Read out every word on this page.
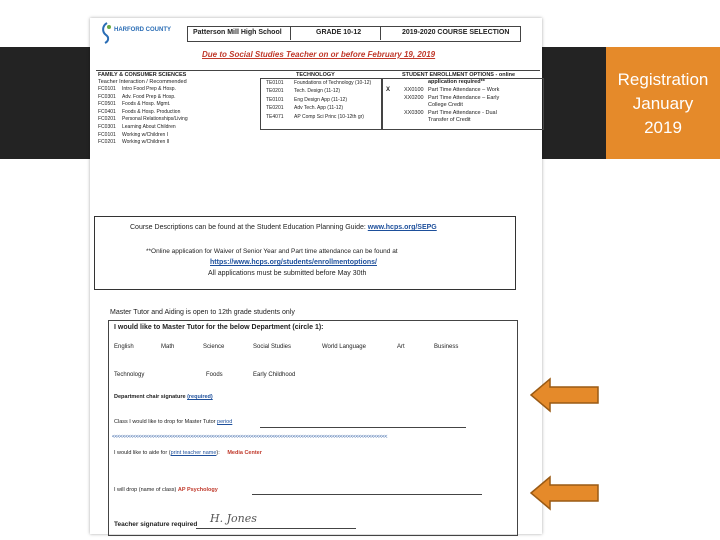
Registration
January
2019
HARFORD COUNTY	Patterson Mill High School	GRADE 10-12	2019-2020 COURSE SELECTION
Due to Social Studies Teacher on or before February 19, 2019
FAMILY & CONSUMER SCIENCES
Teacher Interaction / Recommended
FC0101 Intro Food Prep & Hosp.
FC0301 Adv. Food Prep & Hosp.
FC0501 Foods & Hosp. Mgmt.
FC0401 Foods & Hosp. Production
FC0201 Personal Relationships/Living
FC0301 Learning About Children
FC0101 Working w/Children I
FC0201 Working w/Children II
TECHNOLOGY
TE0101 Foundations of Technology (10-12)
TE0201 Tech. Design (11-12)
TE0101 Eng Design App (11-12)
TE0201 Adv Tech. App (11-12)
TE4071 AP Comp Sci Princ (10-12th gr)
STUDENT ENROLLMENT OPTIONS - online
application required**
X	XX0100 Part Time Attendance – Work
XX0200 Part Time Attendance – Early
College Credit
XX0300 Part Time Attendance - Dual
Transfer of Credit
Course Descriptions can be found at the Student Education Planning Guide: www.hcps.org/SEPG
**Online application for Waiver of Senior Year and Part time attendance can be found at
https://www.hcps.org/students/enrollmentoptions/
All applications must be submitted before May 30th
Master Tutor and Aiding is open to 12th grade students only
I would like to Master Tutor for the below Department (circle 1):
English	Math	Science	Social Studies	World Language	Art	Business
Technology	Foods	Early Childhood
Department chair signature (required)
Class I would like to drop for Master Tutor period
<<<<<<<<<<<<<<<<<<<<<<<<<<<<<<<<<<<<<<<<<<<<<<<<<<<<<<<<<<<<<<<<<<<<<<<<<<<<<<<<<<<<<<<<<<<<<<<<<<<<<<<<<
I would like to aide for (print teacher name): Media Center
I will drop (name of class) AP Psychology
Teacher signature required H. Jones
